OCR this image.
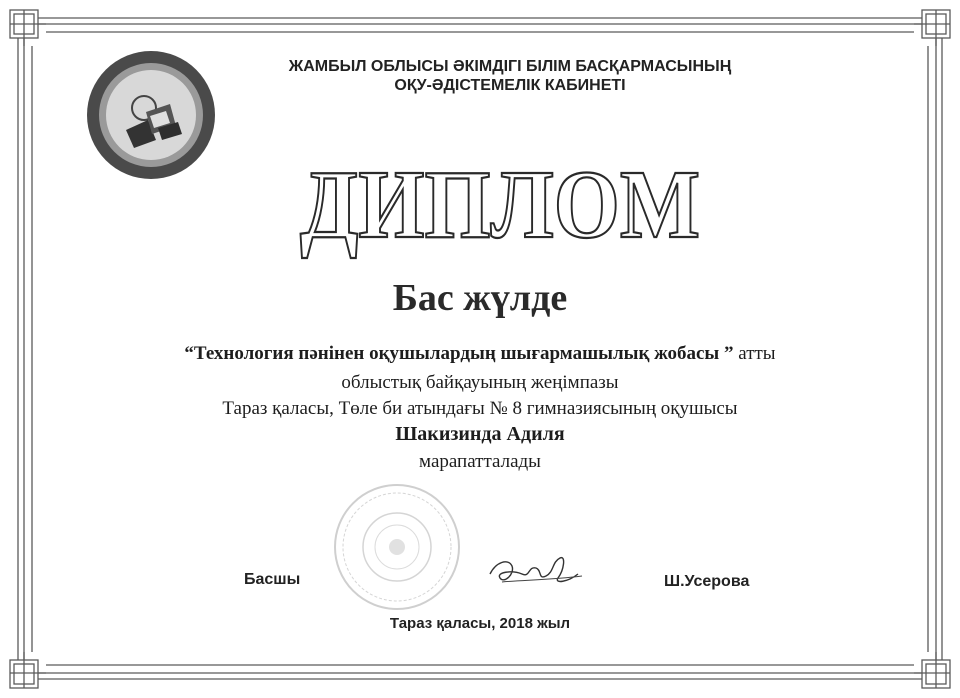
ЖАМБЫЛ ОБЛЫСЫ ӘКІМДІГІ БІЛІМ БАСҚАРМАСЫНЫҢ
ОҚУ-ӘДІСТЕМЕЛІК КАБИНЕТІ
ДИПЛОМ
Бас жүлде
“Технология пәнінен оқушылардың шығармашылық жобасы ” атты
облыстық байқауының жеңімпазы
Тараз қаласы, Төле би атындағы № 8 гимназиясының оқушысы
Шакизинда Адиля
марапатталады
Басшы	Ш.Усерова
Тараз қаласы, 2018 жыл
